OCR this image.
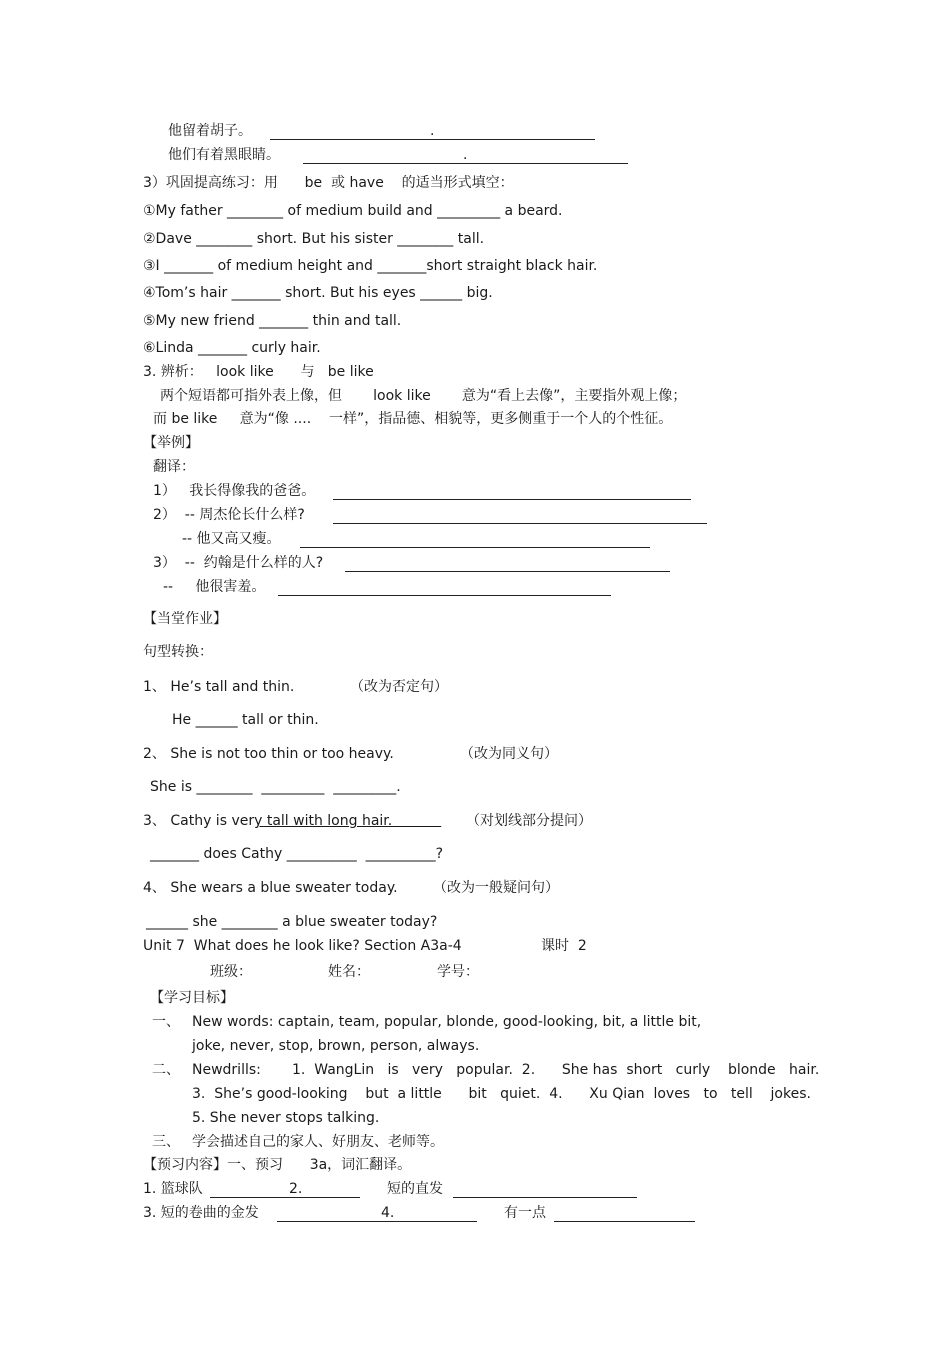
他留着胡子。	.
他们有着黑眼睛。	.
3）巩固提高练习：用      be  或 have    的适当形式填空：
①My father ________ of medium build and _________ a beard.
②Dave ________ short. But his sister ________ tall.
③I _______ of medium height and _______short straight black hair.
④Tom’s hair _______ short. But his eyes ______ big.
⑤My new friend _______ thin and tall.
⑥Linda _______ curly hair.
3. 辨析：   look like      与   be like
两个短语都可指外表上像，但       look like       意为“看上去像”，主要指外观上像；
而 be like     意为“像 ....    一样”，指品德、相貌等，更多侧重于一个人的个性征。
【举例】
翻译：
1）   我长得像我的爸爸。
2）  -- 周杰伦长什么样?
-- 他又高又瘦。
3）  --  约翰是什么样的人?
--     他很害羞。
【当堂作业】
句型转换：
1、 He’s tall and thin.	（改为否定句）
He ______ tall or thin.
2、 She is not too thin or too heavy.	（改为同义句）
She is ________  _________  _________.
3、 Cathy is very tall with long hair. （对划线部分提问）
_______ does Cathy __________  __________?
4、 She wears a blue sweater today.	（改为一般疑问句）
______ she ________ a blue sweater today?
Unit 7  What does he look like? Section A3a-4	课时  2
班级：	姓名：	学号：
【学习目标】
一、 New words: captain, team, popular, blonde, good-looking, bit, a little bit,
joke, never, stop, brown, person, always.
二、 Newdrills:       1.  WangLin   is   very   popular.  2.      She has  short   curly    blonde   hair.
3.  She’s good-looking    but  a little      bit   quiet.  4.      Xu Qian  loves   to   tell    jokes.
5. She never stops talking.
三、 学会描述自己的家人、好朋友、老师等。
【预习内容】一、预习      3a，词汇翻译。
1. 篮球队	2.	短的直发
3. 短的卷曲的金发	4.	有一点
